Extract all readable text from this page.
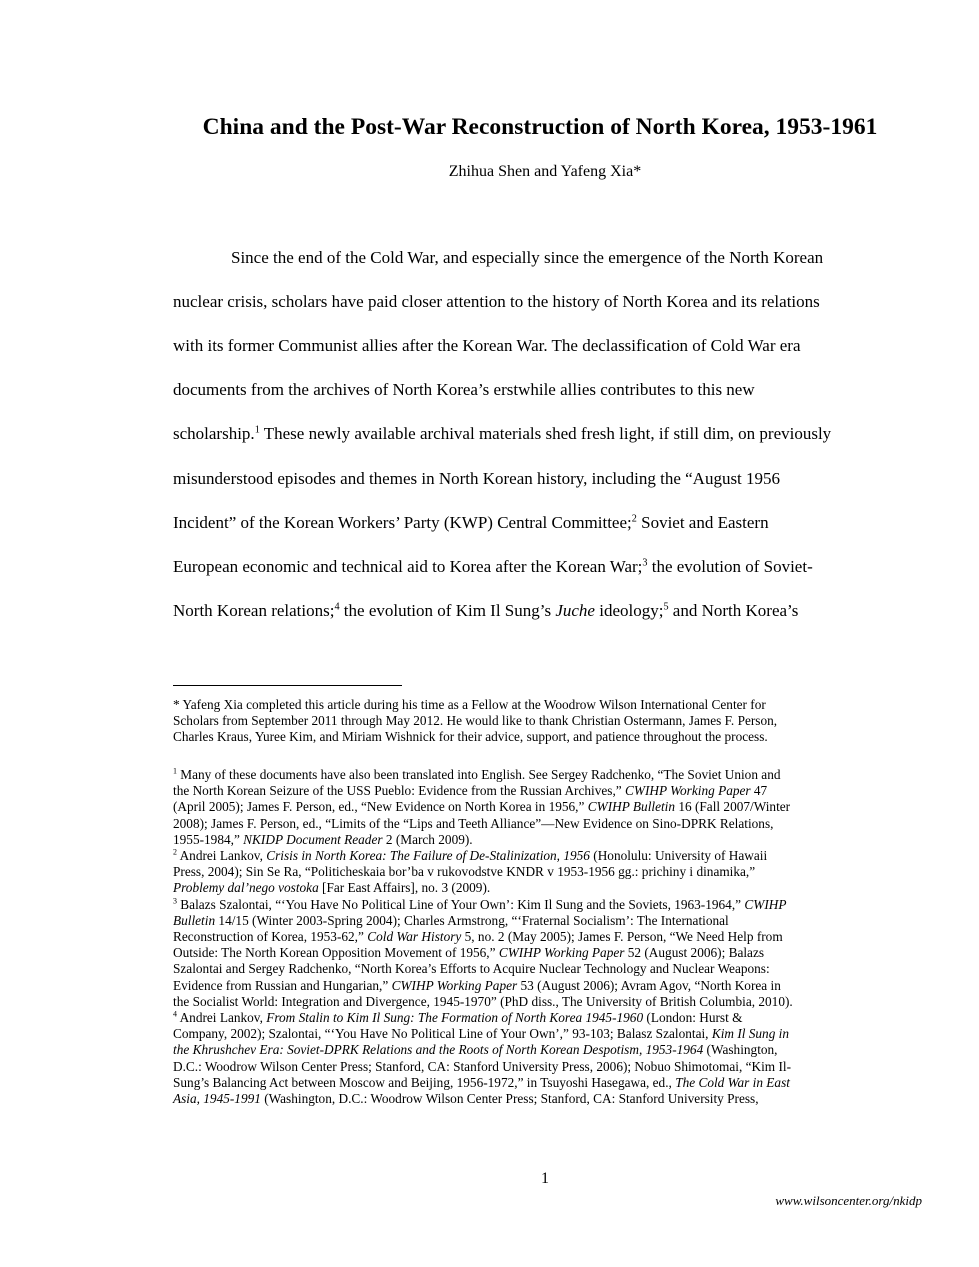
China and the Post-War Reconstruction of North Korea, 1953-1961
Zhihua Shen and Yafeng Xia*

Since the end of the Cold War, and especially since the emergence of the North Korean

nuclear crisis, scholars have paid closer attention to the history of North Korea and its relations

with its former Communist allies after the Korean War. The declassification of Cold War era

documents from the archives of North Korea’s erstwhile allies contributes to this new

scholarship.$^1$ These newly available archival materials shed fresh light, if still dim, on previously

misunderstood episodes and themes in North Korean history, including the “August 1956

Incident” of the Korean Workers’ Party (KWP) Central Committee;$^2$ Soviet and Eastern

European economic and technical aid to Korea after the Korean War;$^3$ the evolution of Soviet-

North Korean relations;$^4$ the evolution of Kim Il Sung’s Juche ideology;$^5$ and North Korea’s

* Yafeng Xia completed this article during his time as a Fellow at the Woodrow Wilson International Center for
Scholars from September 2011 through May 2012. He would like to thank Christian Ostermann, James F. Person,
Charles Kraus, Yuree Kim, and Miriam Wishnick for their advice, support, and patience throughout the process.
$^1$ Many of these documents have also been translated into English. See Sergey Radchenko, “The Soviet Union and
the North Korean Seizure of the USS Pueblo: Evidence from the Russian Archives,” CWIHP Working Paper 47
(April 2005); James F. Person, ed., “New Evidence on North Korea in 1956,” CWIHP Bulletin 16 (Fall 2007/Winter
2008); James F. Person, ed., “Limits of the “Lips and Teeth Alliance”—New Evidence on Sino-DPRK Relations,
1955-1984,” NKIDP Document Reader 2 (March 2009).
$^2$ Andrei Lankov, Crisis in North Korea: The Failure of De-Stalinization, 1956 (Honolulu: University of Hawaii
Press, 2004); Sin Se Ra, “Politicheskaia bor’ba v rukovodstve KNDR v 1953-1956 gg.: prichiny i dinamika,”
Problemy dal’nego vostoka [Far East Affairs], no. 3 (2009).
$^3$ Balazs Szalontai, “‘You Have No Political Line of Your Own’: Kim Il Sung and the Soviets, 1963-1964,” CWIHP
Bulletin 14/15 (Winter 2003-Spring 2004); Charles Armstrong, “‘Fraternal Socialism’: The International
Reconstruction of Korea, 1953-62,” Cold War History 5, no. 2 (May 2005); James F. Person, “We Need Help from
Outside: The North Korean Opposition Movement of 1956,” CWIHP Working Paper 52 (August 2006); Balazs
Szalontai and Sergey Radchenko, “North Korea’s Efforts to Acquire Nuclear Technology and Nuclear Weapons:
Evidence from Russian and Hungarian,” CWIHP Working Paper 53 (August 2006); Avram Agov, “North Korea in
the Socialist World: Integration and Divergence, 1945-1970” (PhD diss., The University of British Columbia, 2010).
$^4$ Andrei Lankov, From Stalin to Kim Il Sung: The Formation of North Korea 1945-1960 (London: Hurst &
Company, 2002); Szalontai, “‘You Have No Political Line of Your Own’,” 93-103; Balasz Szalontai, Kim Il Sung in
the Khrushchev Era: Soviet-DPRK Relations and the Roots of North Korean Despotism, 1953-1964 (Washington,
D.C.: Woodrow Wilson Center Press; Stanford, CA: Stanford University Press, 2006); Nobuo Shimotomai, “Kim Il-
Sung’s Balancing Act between Moscow and Beijing, 1956-1972,” in Tsuyoshi Hasegawa, ed., The Cold War in East
Asia, 1945-1991 (Washington, D.C.: Woodrow Wilson Center Press; Stanford, CA: Stanford University Press,
1
www.wilsoncenter.org/nkidp
